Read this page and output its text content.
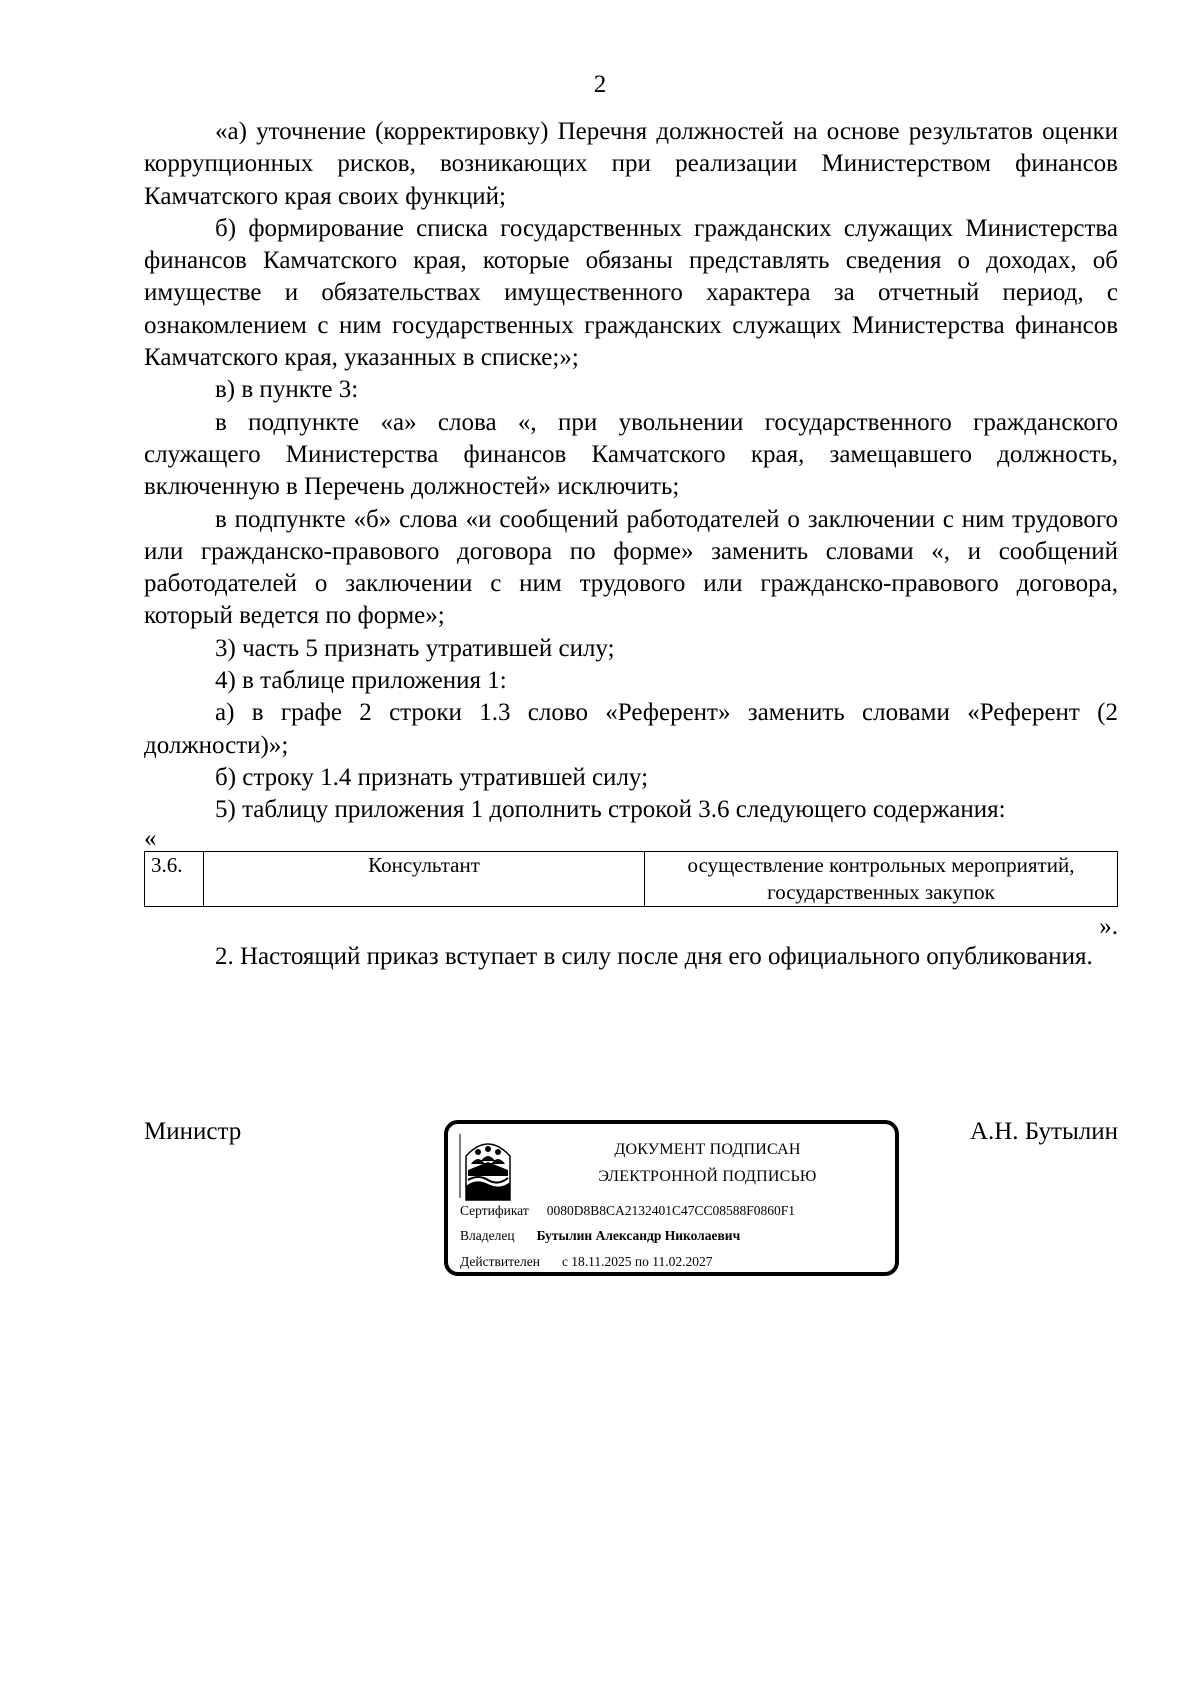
2

«а) уточнение (корректировку) Перечня должностей на основе результатов оценки коррупционных рисков, возникающих при реализации Министерством финансов Камчатского края своих функций;

б) формирование списка государственных гражданских служащих Министерства финансов Камчатского края, которые обязаны представлять сведения о доходах, об имуществе и обязательствах имущественного характера за отчетный период, с ознакомлением с ним государственных гражданских служащих Министерства финансов Камчатского края, указанных в списке;»;

в) в пункте 3:

в подпункте «а» слова «, при увольнении государственного гражданского служащего Министерства финансов Камчатского края, замещавшего должность, включенную в Перечень должностей» исключить;

в подпункте «б» слова «и сообщений работодателей о заключении с ним трудового или гражданско-правового договора по форме» заменить словами «, и сообщений работодателей о заключении с ним трудового или гражданско-правового договора, который ведется по форме»;

3) часть 5 признать утратившей силу;

4) в таблице приложения 1:

а) в графе 2 строки 1.3 слово «Референт» заменить словами «Референт (2 должности)»;

б) строку 1.4 признать утратившей силу;

5) таблицу приложения 1 дополнить строкой 3.6 следующего содержания:

«

3.6.	Консультант	осуществление контрольных мероприятий, государственных закупок

».

2. Настоящий приказ вступает в силу после дня его официального опубликования.

Министр	А.Н. Бутылин
ДОКУМЕНТ ПОДПИСАН
ЭЛЕКТРОННОЙ ПОДПИСЬЮ
Сертификат 0080D8B8CA2132401C47CC08588F0860F1
Владелец Бутылин Александр Николаевич
Действителен с 18.11.2025 по 11.02.2027
